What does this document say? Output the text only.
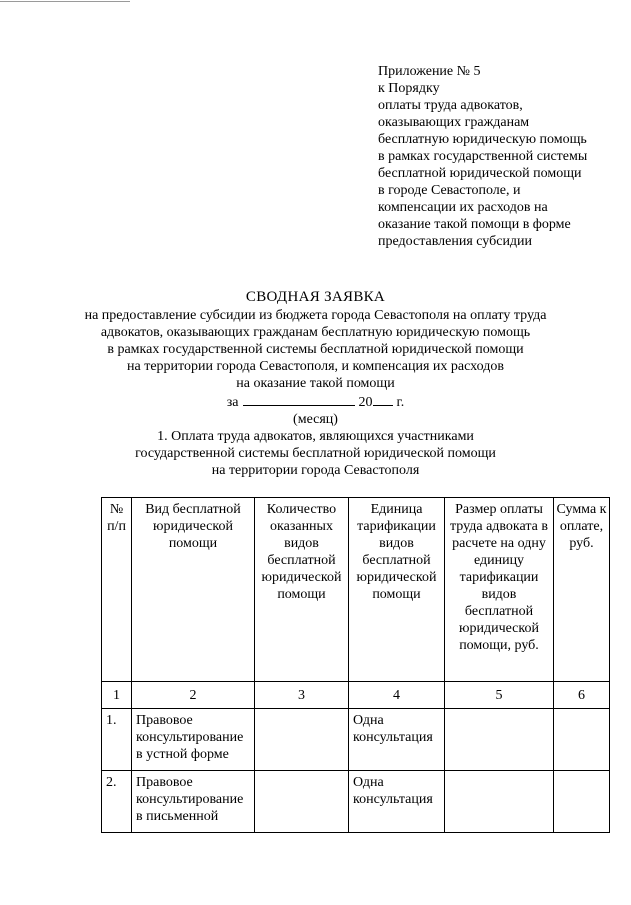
Приложение № 5
к Порядку
оплаты труда адвокатов,
оказывающих гражданам
бесплатную юридическую помощь
в рамках государственной системы
бесплатной юридической помощи
в городе Севастополе, и
компенсации их расходов на
оказание такой помощи в форме
предоставления субсидии
СВОДНАЯ ЗАЯВКА
на предоставление субсидии из бюджета города Севастополя на оплату труда
адвокатов, оказывающих гражданам бесплатную юридическую помощь
в рамках государственной системы бесплатной юридической помощи
на территории города Севастополя, и компенсация их расходов
на оказание такой помощи
за	20 г.
(месяц)
1. Оплата труда адвокатов, являющихся участниками
государственной системы бесплатной юридической помощи
на территории города Севастополя
№ п/п	Вид бесплатной юридической помощи	Количество оказанных видов бесплатной юридической помощи	Единица тарификации видов бесплатной юридической помощи	Размер оплаты труда адвоката в расчете на одну единицу тарификации видов бесплатной юридической помощи, руб.	Сумма к оплате, руб.
1	2	3	4	5	6
1.	Правовое консультирование в устной форме		Одна консультация		
2.	Правовое консультирование в письменной		Одна консультация		
